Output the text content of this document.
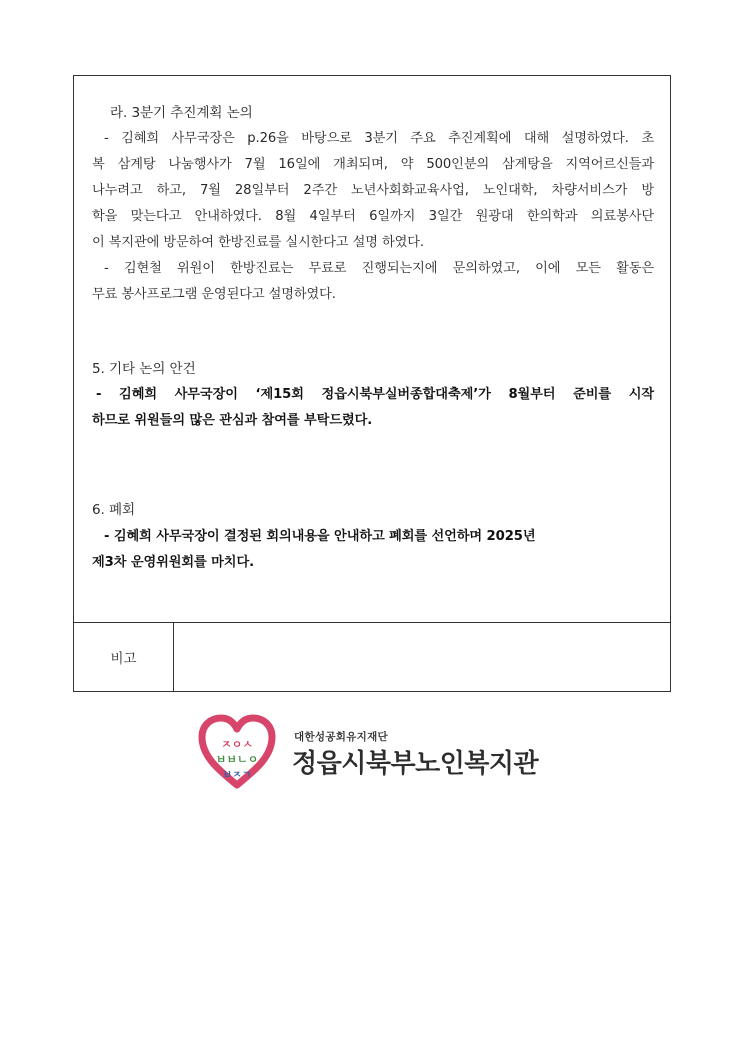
라. 3분기 추진계획 논의
- 김혜희 사무국장은 p.26을 바탕으로 3분기 주요 추진계획에 대해 설명하였다. 초
복 삼계탕 나눔행사가 7월 16일에 개최되며, 약 500인분의 삼계탕을 지역어르신들과
나누려고 하고, 7월 28일부터 2주간 노년사회화교육사업, 노인대학, 차량서비스가 방
학을 맞는다고 안내하였다. 8월 4일부터 6일까지 3일간 원광대 한의학과 의료봉사단
이 복지관에 방문하여 한방진료를 실시한다고 설명 하였다.
- 김현철 위원이 한방진료는 무료로 진행되는지에 문의하였고, 이에 모든 활동은
무료 봉사프로그램 운영된다고 설명하였다.
5. 기타 논의 안건
- 김혜희 사무국장이 ‘제15회 정읍시북부실버종합대축제’가 8월부터 준비를 시작
하므로 위원들의 많은 관심과 참여를 부탁드렸다.
6. 폐회
- 김혜희 사무국장이 결정된 회의내용을 안내하고 폐회를 선언하며 2025년
제3차 운영위원회를 마치다.
비고
ㅈㅇㅅ
ㅂㅂㄴㅇ
ㅂㅈㄱ
대한성공회유지재단
정읍시북부노인복지관
